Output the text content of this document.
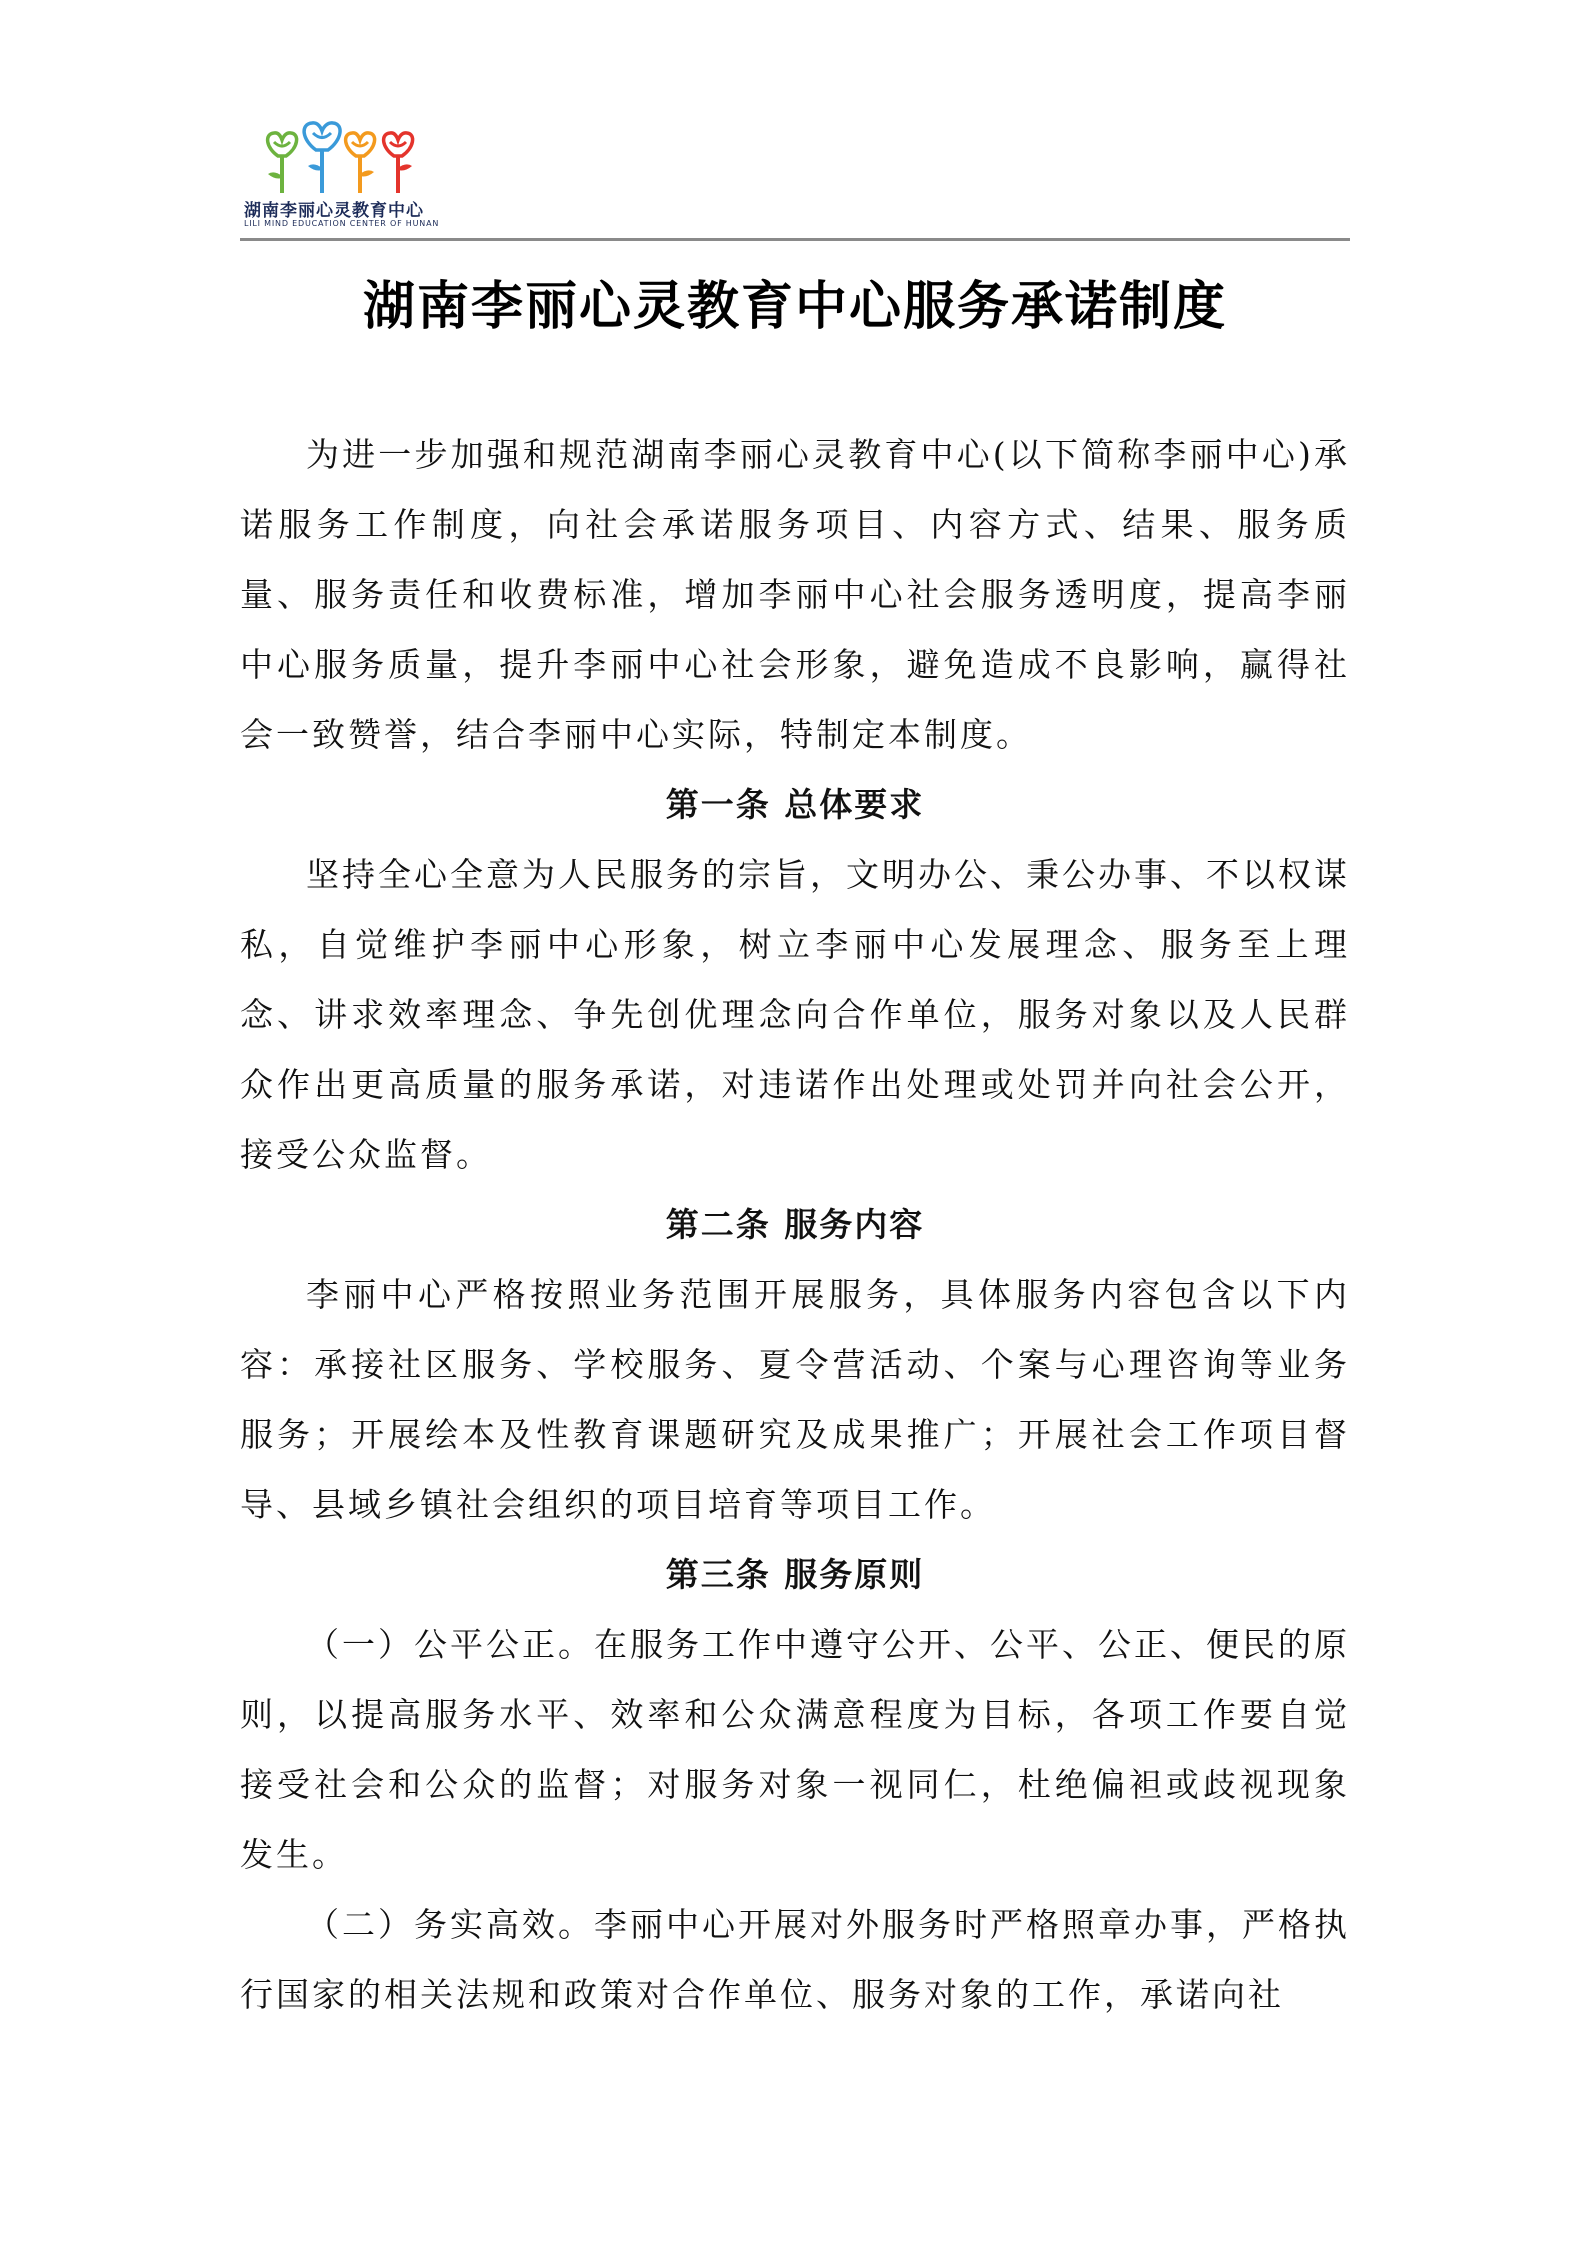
湖南李丽心灵教育中心
LILI MIND EDUCATION CENTER OF HUNAN
湖南李丽心灵教育中心服务承诺制度

为进一步加强和规范湖南李丽心灵教育中心(以下简称李丽中心)承诺服务工作制度，向社会承诺服务项目、内容方式、结果、服务质量、服务责任和收费标准，增加李丽中心社会服务透明度，提高李丽中心服务质量，提升李丽中心社会形象，避免造成不良影响，赢得社会一致赞誉，结合李丽中心实际，特制定本制度。

第一条 总体要求

坚持全心全意为人民服务的宗旨，文明办公、秉公办事、不以权谋私，自觉维护李丽中心形象，树立李丽中心发展理念、服务至上理念、讲求效率理念、争先创优理念向合作单位，服务对象以及人民群众作出更高质量的服务承诺，对违诺作出处理或处罚并向社会公开，接受公众监督。

第二条 服务内容

李丽中心严格按照业务范围开展服务，具体服务内容包含以下内容：承接社区服务、学校服务、夏令营活动、个案与心理咨询等业务服务；开展绘本及性教育课题研究及成果推广；开展社会工作项目督导、县域乡镇社会组织的项目培育等项目工作。

第三条 服务原则

（一）公平公正。在服务工作中遵守公开、公平、公正、便民的原则，以提高服务水平、效率和公众满意程度为目标，各项工作要自觉接受社会和公众的监督；对服务对象一视同仁，杜绝偏袒或歧视现象发生。

（二）务实高效。李丽中心开展对外服务时严格照章办事，严格执行国家的相关法规和政策对合作单位、服务对象的工作，承诺向社
